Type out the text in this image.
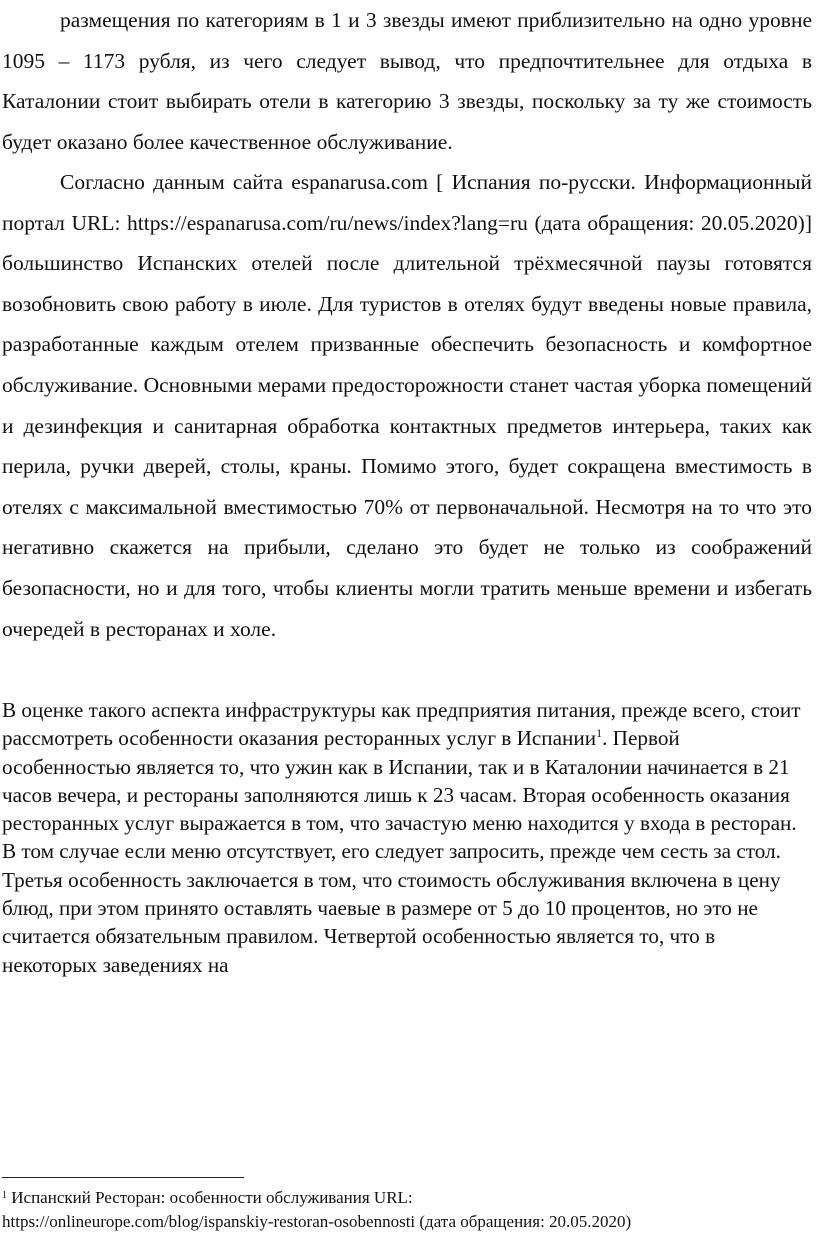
размещения по категориям в 1 и 3 звезды имеют приблизительно на одно уровне 1095 – 1173 рубля, из чего следует вывод, что предпочтительнее для отдыха в Каталонии стоит выбирать отели в категорию 3 звезды, поскольку за ту же стоимость будет оказано более качественное обслуживание.

Согласно данным сайта espanarusa.com [ Испания по-русски. Информационный портал URL: https://espanarusa.com/ru/news/index?lang=ru (дата обращения: 20.05.2020)] большинство Испанских отелей после длительной трёхмесячной паузы готовятся возобновить свою работу в июле. Для туристов в отелях будут введены новые правила, разработанные каждым отелем призванные обеспечить безопасность и комфортное обслуживание. Основными мерами предосторожности станет частая уборка помещений и дезинфекция и санитарная обработка контактных предметов интерьера, таких как перила, ручки дверей, столы, краны. Помимо этого, будет сокращена вместимость в отелях с максимальной вместимостью 70% от первоначальной. Несмотря на то что это негативно скажется на прибыли, сделано это будет не только из соображений безопасности, но и для того, чтобы клиенты могли тратить меньше времени и избегать очередей в ресторанах и холе.

В оценке такого аспекта инфраструктуры как предприятия питания, прежде всего, стоит рассмотреть особенности оказания ресторанных услуг в Испании$^1$. Первой особенностью является то, что ужин как в Испании, так и в Каталонии начинается в 21 часов вечера, и рестораны заполняются лишь к 23 часам. Вторая особенность оказания ресторанных услуг выражается в том, что зачастую меню находится у входа в ресторан. В том случае если меню отсутствует, его следует запросить, прежде чем сесть за стол. Третья особенность заключается в том, что стоимость обслуживания включена в цену блюд, при этом принято оставлять чаевые в размере от 5 до 10 процентов, но это не считается обязательным правилом. Четвертой особенностью является то, что в некоторых заведениях на

$^1$ Испанский Ресторан: особенности обслуживания URL:
https://onlineurope.com/blog/ispanskiy-restoran-osobennosti (дата обращения: 20.05.2020)
